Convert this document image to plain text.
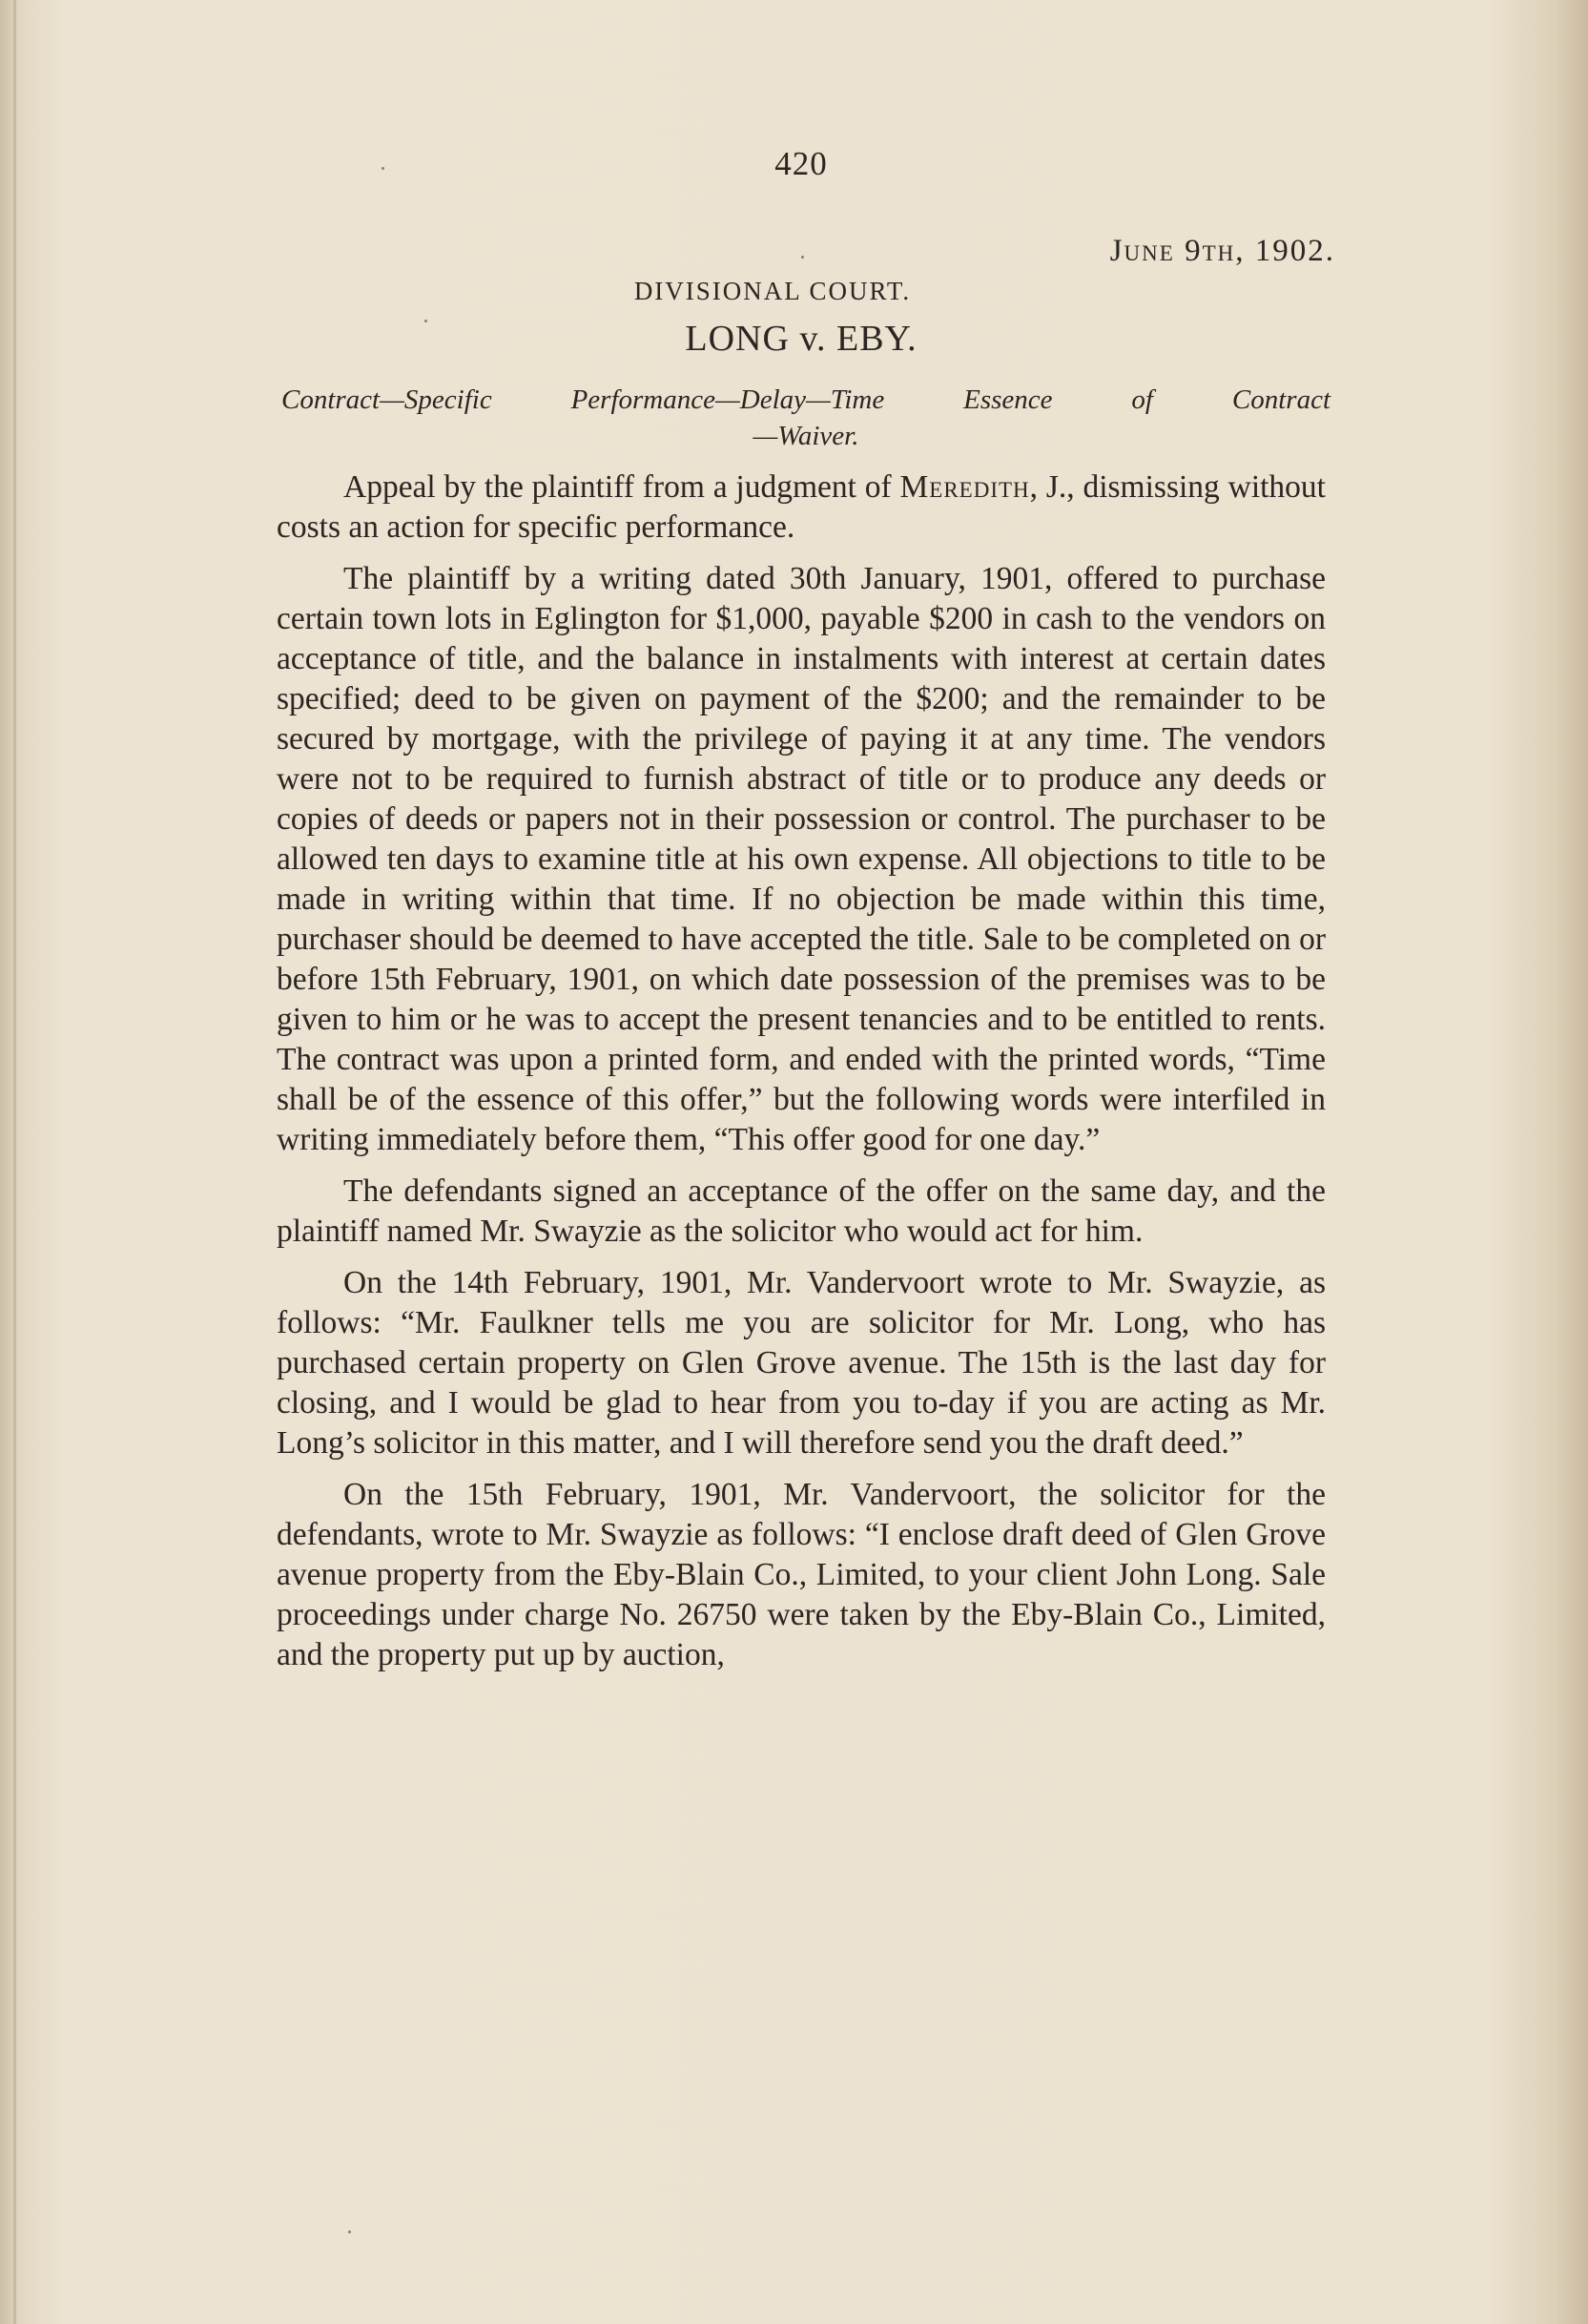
420
June 9th, 1902.
DIVISIONAL COURT.
LONG v. EBY.
Contract—Specific Performance—Delay—Time Essence of Contract
—Waiver.

Appeal by the plaintiff from a judgment of Meredith, J., dismissing without costs an action for specific performance.

The plaintiff by a writing dated 30th January, 1901, offered to purchase certain town lots in Eglington for $1,000, payable $200 in cash to the vendors on acceptance of title, and the balance in instalments with interest at certain dates specified; deed to be given on payment of the $200; and the remainder to be secured by mortgage, with the privilege of paying it at any time. The vendors were not to be required to furnish abstract of title or to produce any deeds or copies of deeds or papers not in their possession or control. The purchaser to be allowed ten days to examine title at his own expense. All objections to title to be made in writing within that time. If no objection be made within this time, purchaser should be deemed to have accepted the title. Sale to be completed on or before 15th February, 1901, on which date possession of the premises was to be given to him or he was to accept the present tenancies and to be entitled to rents. The contract was upon a printed form, and ended with the printed words, “Time shall be of the essence of this offer,” but the following words were interfiled in writing immediately before them, “This offer good for one day.”

The defendants signed an acceptance of the offer on the same day, and the plaintiff named Mr. Swayzie as the solicitor who would act for him.

On the 14th February, 1901, Mr. Vandervoort wrote to Mr. Swayzie, as follows: “Mr. Faulkner tells me you are solicitor for Mr. Long, who has purchased certain property on Glen Grove avenue. The 15th is the last day for closing, and I would be glad to hear from you to-day if you are acting as Mr. Long’s solicitor in this matter, and I will therefore send you the draft deed.”

On the 15th February, 1901, Mr. Vandervoort, the solicitor for the defendants, wrote to Mr. Swayzie as follows: “I enclose draft deed of Glen Grove avenue property from the Eby-Blain Co., Limited, to your client John Long. Sale proceedings under charge No. 26750 were taken by the Eby-Blain Co., Limited, and the property put up by auction,
